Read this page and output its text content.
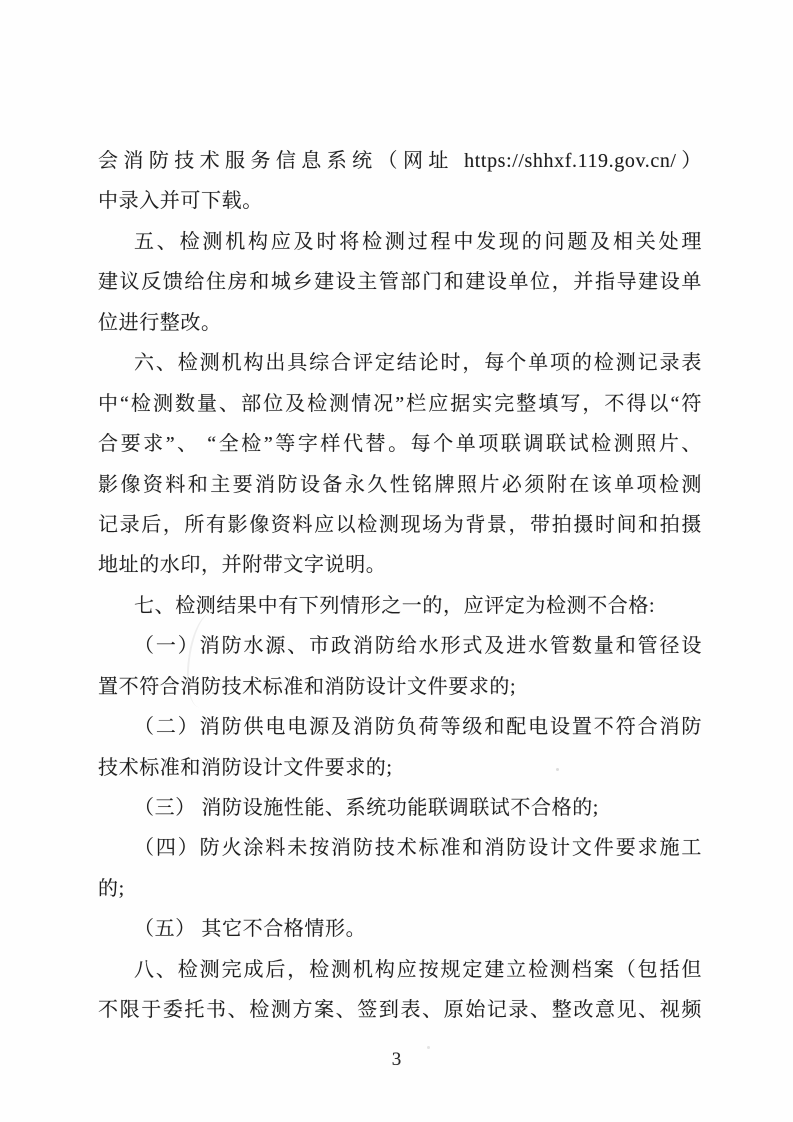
会消防技术服务信息系统（网址 https://shhxf.119.gov.cn/）
中录入并可下载。
五、检测机构应及时将检测过程中发现的问题及相关处理
建议反馈给住房和城乡建设主管部门和建设单位，并指导建设单
位进行整改。
六、检测机构出具综合评定结论时，每个单项的检测记录表
中“检测数量、部位及检测情况”栏应据实完整填写，不得以“符
合要求”、 “全检”等字样代替。每个单项联调联试检测照片、
影像资料和主要消防设备永久性铭牌照片必须附在该单项检测
记录后，所有影像资料应以检测现场为背景，带拍摄时间和拍摄
地址的水印，并附带文字说明。
七、检测结果中有下列情形之一的，应评定为检测不合格:
（一）消防水源、市政消防给水形式及进水管数量和管径设
置不符合消防技术标准和消防设计文件要求的;
（二）消防供电电源及消防负荷等级和配电设置不符合消防
技术标准和消防设计文件要求的;
（三） 消防设施性能、系统功能联调联试不合格的;
（四）防火涂料未按消防技术标准和消防设计文件要求施工
的;
（五） 其它不合格情形。
八、检测完成后，检测机构应按规定建立检测档案（包括但
不限于委托书、检测方案、签到表、原始记录、整改意见、视频
3
